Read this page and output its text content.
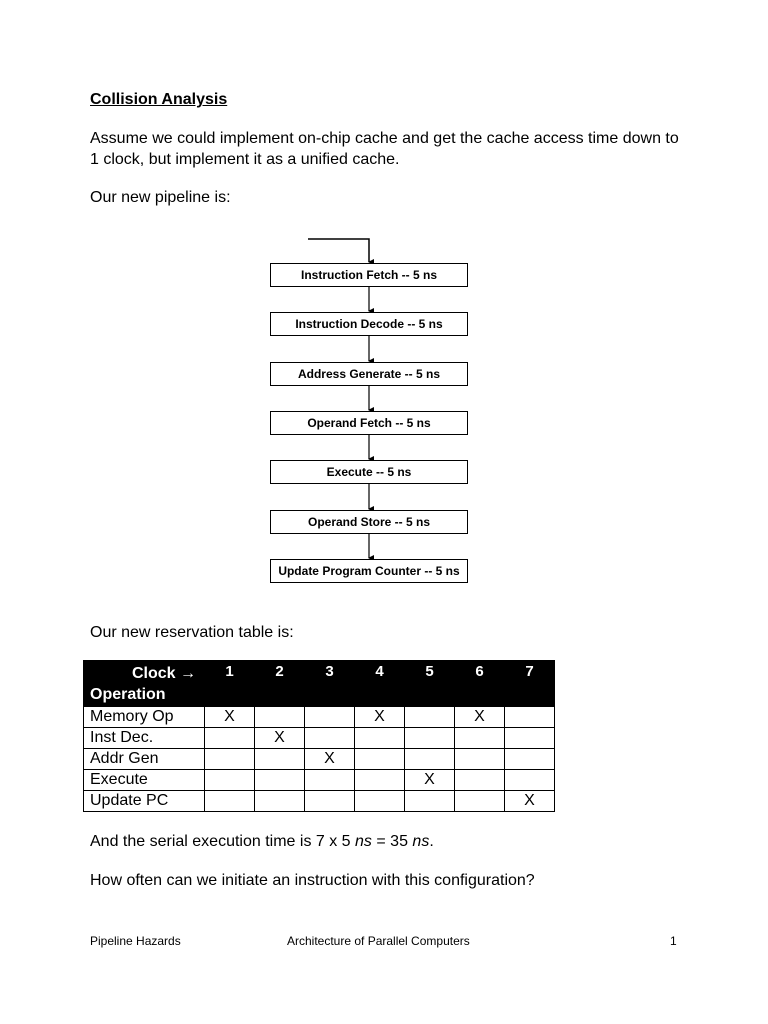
Collision Analysis
Assume we could implement on-chip cache and get the cache access time down to 1 clock, but implement it as a unified cache.
Our new pipeline is:
Instruction Fetch -- 5 ns
Instruction Decode -- 5 ns
Address Generate -- 5 ns
Operand Fetch -- 5 ns
Execute -- 5 ns
Operand Store -- 5 ns
Update Program Counter -- 5 ns
Our new reservation table is:
Clock →
Operation	1	2	3	4	5	6	7
Memory Op	X			X		X	
Inst Dec.		X					
Addr Gen			X				
Execute					X		
Update PC							X
And the serial execution time is 7 x 5 ns = 35 ns.
How often can we initiate an instruction with this configuration?
Pipeline Hazards	Architecture of Parallel Computers	1
